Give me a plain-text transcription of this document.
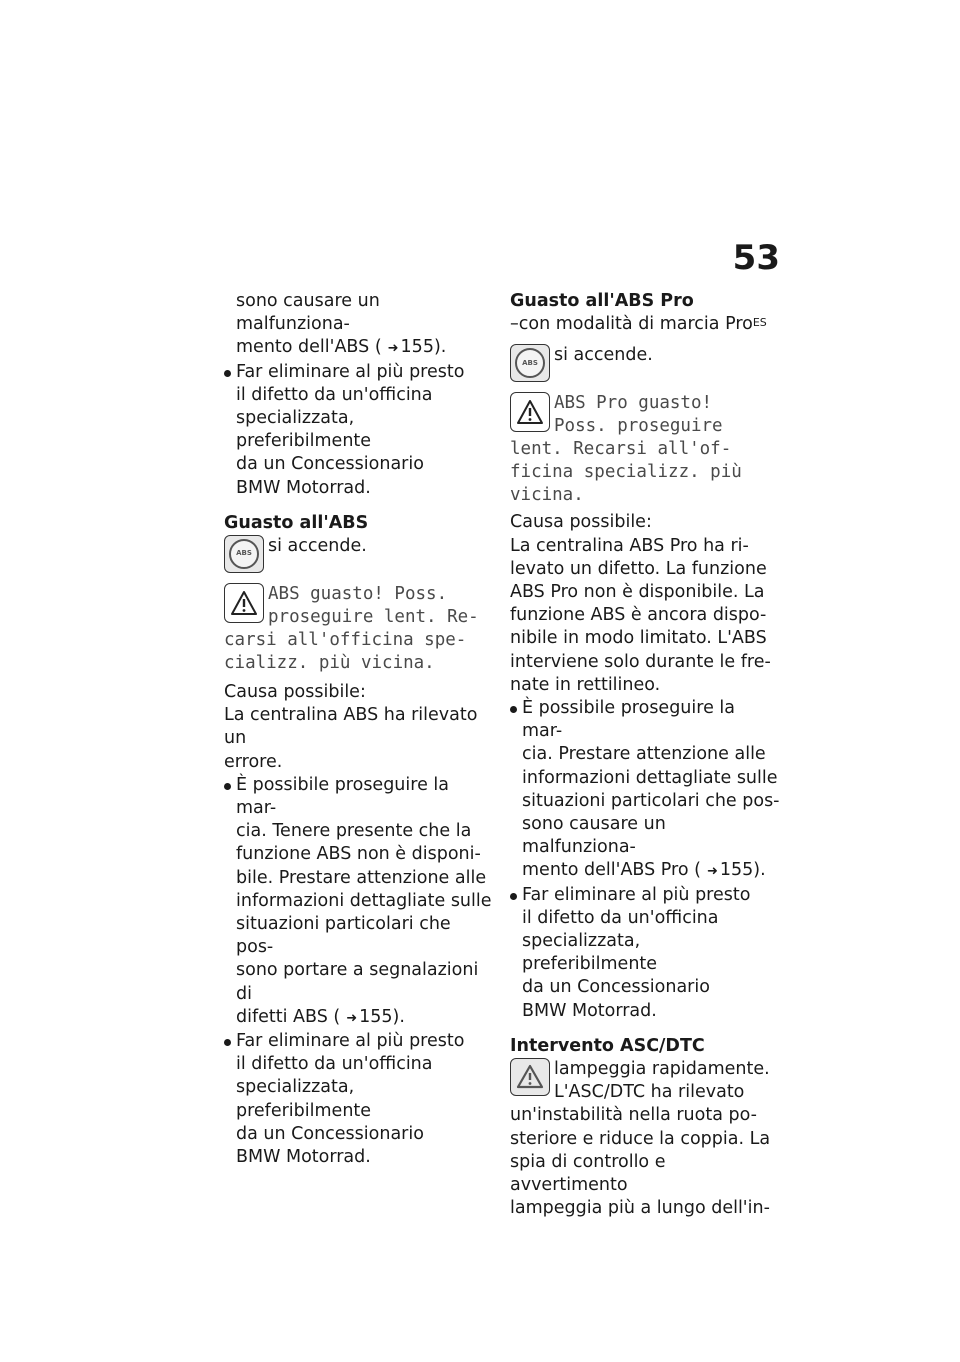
53

sono causare un malfunziona-

mento dell'ABS ( ➜ 155).

Far eliminare al più presto

il difetto da un'officina

specializzata, preferibilmente

da un Concessionario

BMW Motorrad.

Guasto all'ABS

ABS si accende.
ABS guasto! Poss.
proseguire lent. Re-
carsi all'officina spe-
cializz. più vicina.

Causa possibile:

La centralina ABS ha rilevato un

errore.

È possibile proseguire la mar-

cia. Tenere presente che la

funzione ABS non è disponi-

bile. Prestare attenzione alle

informazioni dettagliate sulle

situazioni particolari che pos-

sono portare a segnalazioni di

difetti ABS ( ➜ 155).

Far eliminare al più presto

il difetto da un'officina

specializzata, preferibilmente

da un Concessionario

BMW Motorrad.

Guasto all'ABS Pro

–con modalità di marcia Pro$^{ES}$

ABS si accende.
ABS Pro guasto!
Poss. proseguire
lent. Recarsi all'of-
ficina specializz. più
vicina.

Causa possibile:

La centralina ABS Pro ha ri-

levato un difetto. La funzione

ABS Pro non è disponibile. La

funzione ABS è ancora dispo-

nibile in modo limitato. L'ABS

interviene solo durante le fre-

nate in rettilineo.

È possibile proseguire la mar-

cia. Prestare attenzione alle

informazioni dettagliate sulle

situazioni particolari che pos-

sono causare un malfunziona-

mento dell'ABS Pro ( ➜ 155).

Far eliminare al più presto

il difetto da un'officina

specializzata, preferibilmente

da un Concessionario

BMW Motorrad.

Intervento ASC/DTC

lampeggia rapidamente.

L'ASC/DTC ha rilevato

un'instabilità nella ruota po-

steriore e riduce la coppia. La

spia di controllo e avvertimento

lampeggia più a lungo dell'in-
